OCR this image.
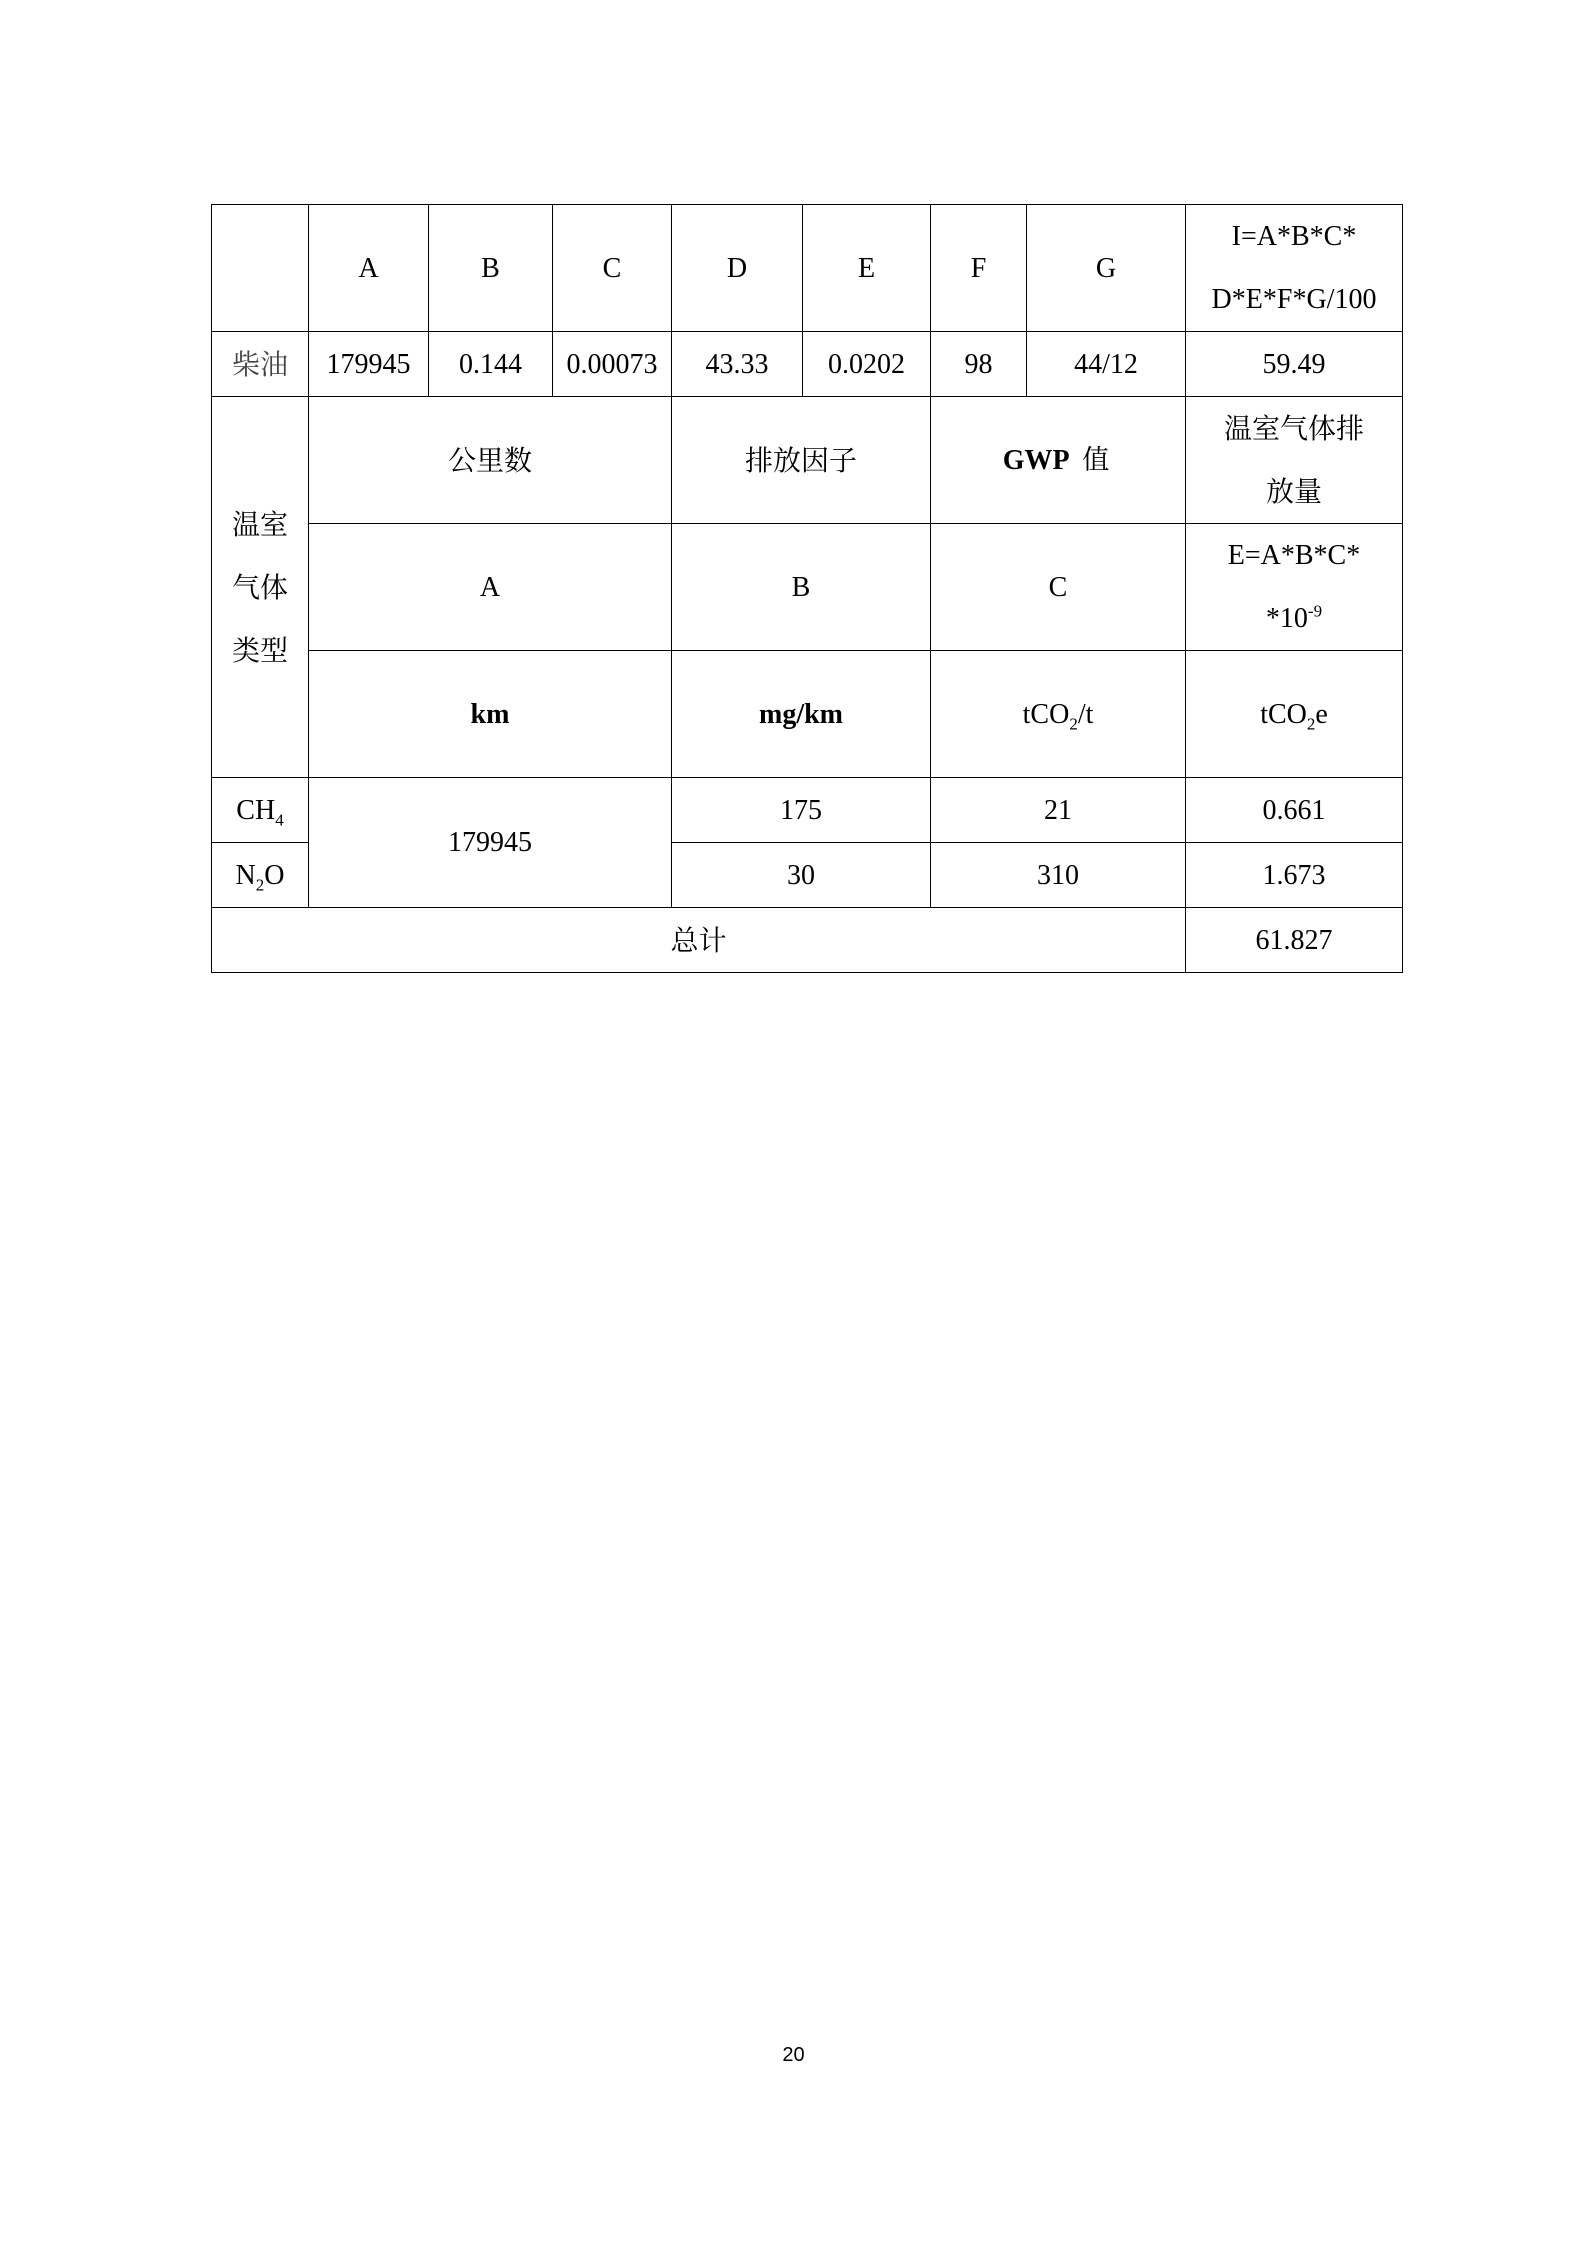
	A	B	C	D	E	F	G	I=A*B*C*
D*E*F*G/100

柴油	179945	0.144	0.00073	43.33	0.0202	98	44/12	59.49

温室
气体
类型	公里数			排放因子		GWP 值		温室气体排
放量

	A			B		C		E=A*B*C*
$*10^{-9}$

	km			mg/km		tCO$_2$/t		tCO$_2$e
$CH_4$	179945			175		21		0.661
$N_2O$				30		310		1.673
总计								61.827
20
